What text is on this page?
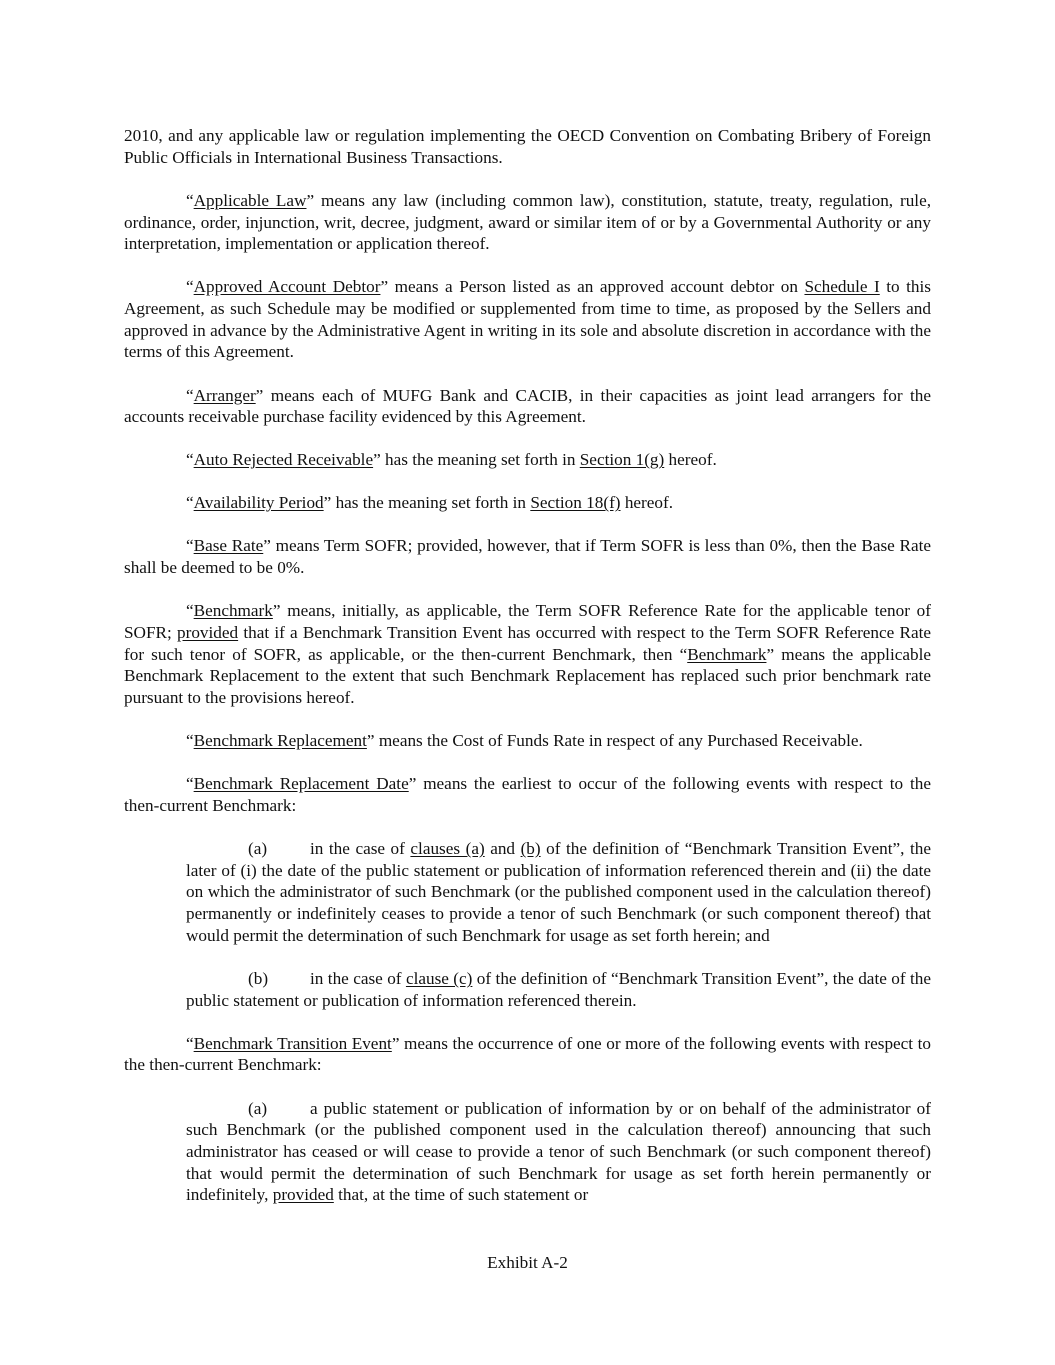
2010, and any applicable law or regulation implementing the OECD Convention on Combating Bribery of Foreign Public Officials in International Business Transactions.

“Applicable Law” means any law (including common law), constitution, statute, treaty, regulation, rule, ordinance, order, injunction, writ, decree, judgment, award or similar item of or by a Governmental Authority or any interpretation, implementation or application thereof.

“Approved Account Debtor” means a Person listed as an approved account debtor on Schedule I to this Agreement, as such Schedule may be modified or supplemented from time to time, as proposed by the Sellers and approved in advance by the Administrative Agent in writing in its sole and absolute discretion in accordance with the terms of this Agreement.

“Arranger” means each of MUFG Bank and CACIB, in their capacities as joint lead arrangers for the accounts receivable purchase facility evidenced by this Agreement.

“Auto Rejected Receivable” has the meaning set forth in Section 1(g) hereof.

“Availability Period” has the meaning set forth in Section 18(f) hereof.

“Base Rate” means Term SOFR; provided, however, that if Term SOFR is less than 0%, then the Base Rate shall be deemed to be 0%.

“Benchmark” means, initially, as applicable, the Term SOFR Reference Rate for the applicable tenor of SOFR; provided that if a Benchmark Transition Event has occurred with respect to the Term SOFR Reference Rate for such tenor of SOFR, as applicable, or the then-current Benchmark, then “Benchmark” means the applicable Benchmark Replacement to the extent that such Benchmark Replacement has replaced such prior benchmark rate pursuant to the provisions hereof.

“Benchmark Replacement” means the Cost of Funds Rate in respect of any Purchased Receivable.

“Benchmark Replacement Date” means the earliest to occur of the following events with respect to the then-current Benchmark:

(a) in the case of clauses (a) and (b) of the definition of “Benchmark Transition Event”, the later of (i) the date of the public statement or publication of information referenced therein and (ii) the date on which the administrator of such Benchmark (or the published component used in the calculation thereof) permanently or indefinitely ceases to provide a tenor of such Benchmark (or such component thereof) that would permit the determination of such Benchmark for usage as set forth herein; and

(b) in the case of clause (c) of the definition of “Benchmark Transition Event”, the date of the public statement or publication of information referenced therein.

“Benchmark Transition Event” means the occurrence of one or more of the following events with respect to the then-current Benchmark:

(a) a public statement or publication of information by or on behalf of the administrator of such Benchmark (or the published component used in the calculation thereof) announcing that such administrator has ceased or will cease to provide a tenor of such Benchmark (or such component thereof) that would permit the determination of such Benchmark for usage as set forth herein permanently or indefinitely, provided that, at the time of such statement or

Exhibit A-2
